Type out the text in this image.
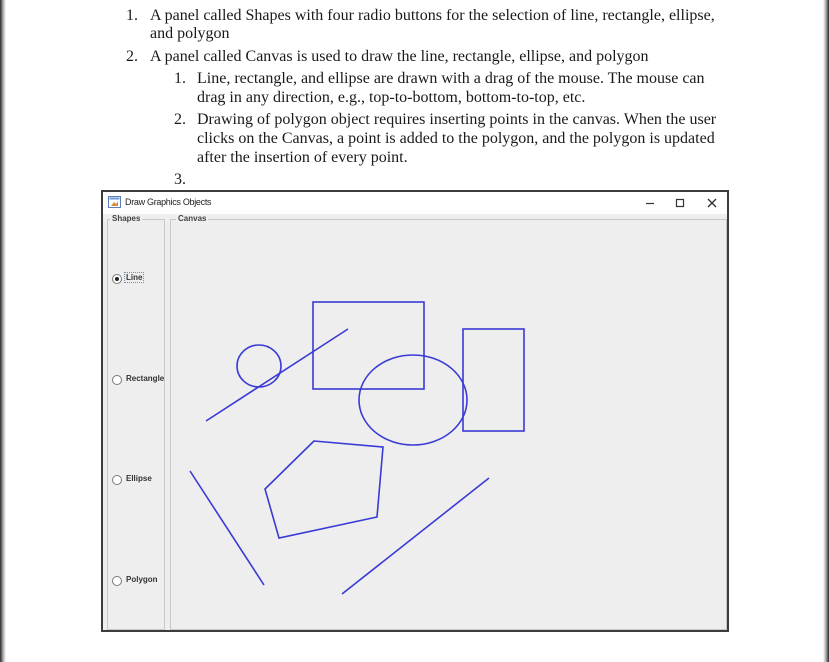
1. A panel called Shapes with four radio buttons for the selection of line, rectangle, ellipse,
and polygon
2. A panel called Canvas is used to draw the line, rectangle, ellipse, and polygon
1. Line, rectangle, and ellipse are drawn with a drag of the mouse. The mouse can
drag in any direction, e.g., top-to-bottom, bottom-to-top, etc.
2. Drawing of polygon object requires inserting points in the canvas. When the user
clicks on the Canvas, a point is added to the polygon, and the polygon is updated
after the insertion of every point.
3.
Draw Graphics Objects
Shapes
Line
Rectangle
Ellipse
Polygon
Canvas
